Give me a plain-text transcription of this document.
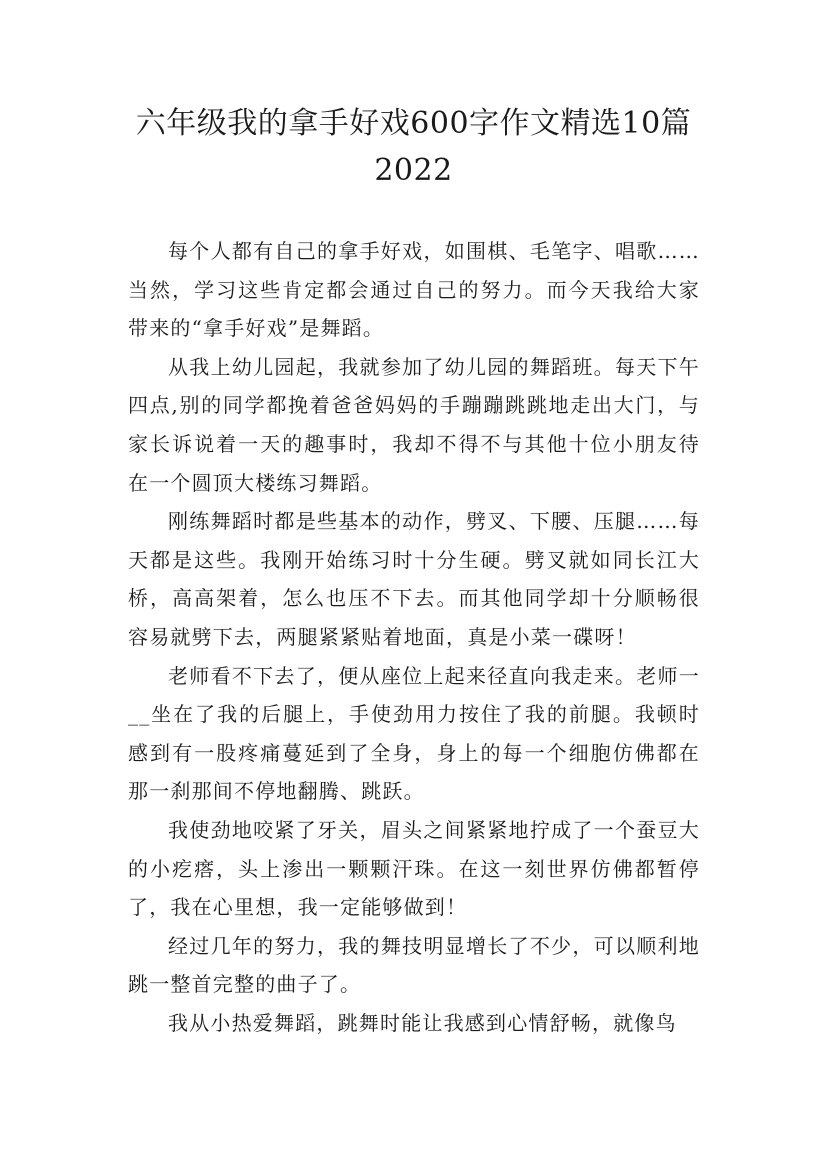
六年级我的拿手好戏600字作文精选10篇2022

每个人都有自己的拿手好戏，如围棋、毛笔字、唱歌……当然，学习这些肯定都会通过自己的努力。而今天我给大家带来的“拿手好戏”是舞蹈。

从我上幼儿园起，我就参加了幼儿园的舞蹈班。每天下午四点,别的同学都挽着爸爸妈妈的手蹦蹦跳跳地走出大门，与家长诉说着一天的趣事时，我却不得不与其他十位小朋友待在一个圆顶大楼练习舞蹈。

刚练舞蹈时都是些基本的动作，劈叉、下腰、压腿……每天都是这些。我刚开始练习时十分生硬。劈叉就如同长江大桥，高高架着，怎么也压不下去。而其他同学却十分顺畅很容易就劈下去，两腿紧紧贴着地面，真是小菜一碟呀！

老师看不下去了，便从座位上起来径直向我走来。老师一__坐在了我的后腿上，手使劲用力按住了我的前腿。我顿时感到有一股疼痛蔓延到了全身，身上的每一个细胞仿佛都在那一刹那间不停地翻腾、跳跃。

我使劲地咬紧了牙关，眉头之间紧紧地拧成了一个蚕豆大的小疙瘩，头上渗出一颗颗汗珠。在这一刻世界仿佛都暂停了，我在心里想，我一定能够做到！

经过几年的努力，我的舞技明显增长了不少，可以顺利地跳一整首完整的曲子了。

我从小热爱舞蹈，跳舞时能让我感到心情舒畅，就像鸟
